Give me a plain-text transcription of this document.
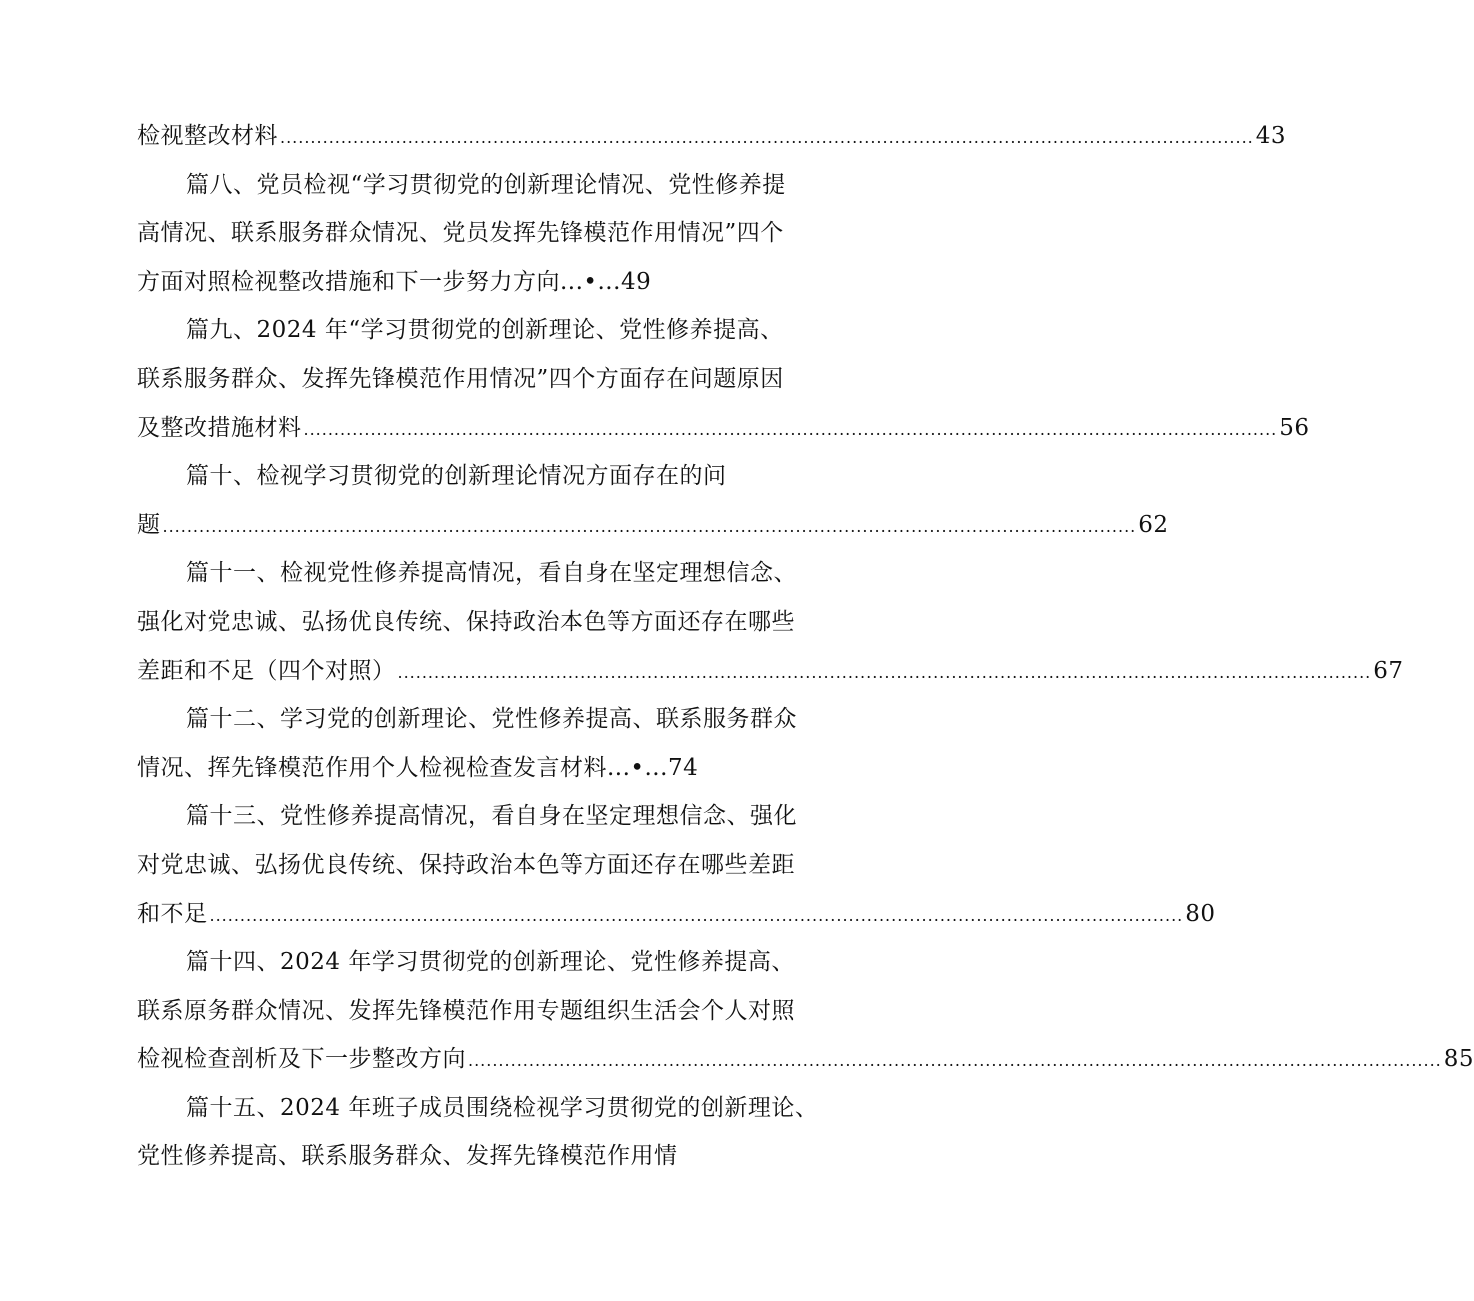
检视整改材料 ................................................................................................................................................................ 43
篇八、党员检视“学习贯彻党的创新理论情况、党性修养提
高情况、联系服务群众情况、党员发挥先锋模范作用情况”四个
方面对照检视整改措施和下一步努力方向 ...•... 49
篇九、2024 年“学习贯彻党的创新理论、党性修养提高、
联系服务群众、发挥先锋模范作用情况”四个方面存在问题原因
及整改措施材料 ................................................................................................................................................................ 56
篇十、检视学习贯彻党的创新理论情况方面存在的问
题 ................................................................................................................................................................ 62
篇十一、检视党性修养提高情况，看自身在坚定理想信念、
强化对党忠诚、弘扬优良传统、保持政治本色等方面还存在哪些
差距和不足（四个对照） ................................................................................................................................................................ 67
篇十二、学习党的创新理论、党性修养提高、联系服务群众
情况、挥先锋模范作用个人检视检查发言材料 ...•... 74
篇十三、党性修养提高情况，看自身在坚定理想信念、强化
对党忠诚、弘扬优良传统、保持政治本色等方面还存在哪些差距
和不足 ................................................................................................................................................................ 80
篇十四、2024 年学习贯彻党的创新理论、党性修养提高、
联系原务群众情况、发挥先锋模范作用专题组织生活会个人对照
检视检查剖析及下一步整改方向 ................................................................................................................................................................ 85
篇十五、2024 年班子成员围绕检视学习贯彻党的创新理论、
党性修养提高、联系服务群众、发挥先锋模范作用情
